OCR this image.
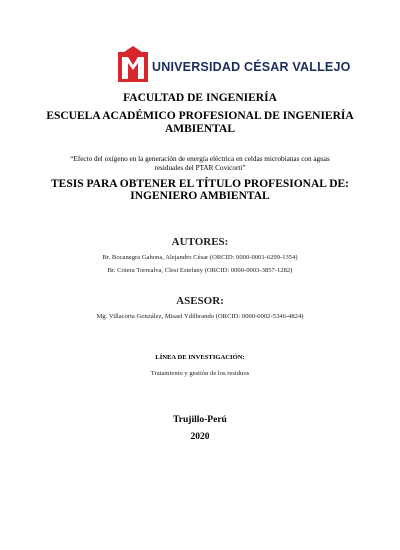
UNIVERSIDAD CÉSAR VALLEJO
FACULTAD DE INGENIERÍA
ESCUELA ACADÉMICO PROFESIONAL DE INGENIERÍA
AMBIENTAL
“Efecto del oxígeno en la generación de energía eléctrica en celdas microbianas con aguas
residuales del PTAR Covicorti”
TESIS PARA OBTENER EL TÍTULO PROFESIONAL DE:
INGENIERO AMBIENTAL
AUTORES:
Br. Bocanegra Gahona, Alejandro César (ORCID: 0000-0001-6299-1354)
Br. Cotera Torrealva, Clesi Estefany (ORCID: 0000-0003-3857-1282)
ASESOR:
Mg. Villacorta González, Misael Ydilbrando (ORCID: 0000-0002-5346-4824)
LÍNEA DE INVESTIGACIÓN:
Tratamiento y gestión de los residuos
Trujillo-Perú
2020
